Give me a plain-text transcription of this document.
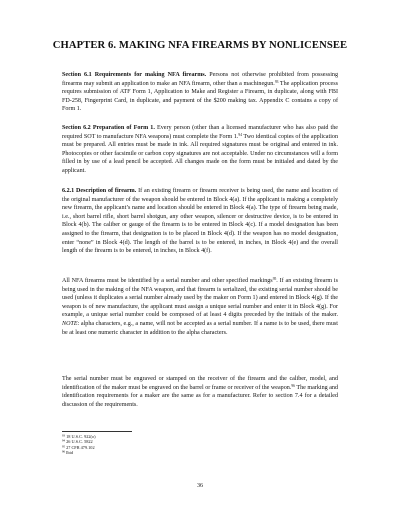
CHAPTER 6. MAKING NFA FIREARMS BY NONLICENSEE

Section 6.1 Requirements for making NFA firearms. Persons not otherwise prohibited from possessing firearms may submit an application to make an NFA firearm, other than a machinegun.$^{93}$ The application process requires submission of ATF Form 1, Application to Make and Register a Firearm, in duplicate, along with FBI FD-258, Fingerprint Card, in duplicate, and payment of the $200 making tax. Appendix C contains a copy of Form 1.

Section 6.2 Preparation of Form 1. Every person (other than a licensed manufacturer who has also paid the required SOT to manufacture NFA weapons) must complete the Form 1.94 Two identical copies of the application must be prepared. All entries must be made in ink. All required signatures must be original and entered in ink. Photocopies or other facsimile or carbon copy signatures are not acceptable. Under no circumstances will a form filled in by use of a lead pencil be accepted. All changes made on the form must be initialed and dated by the applicant.

6.2.1 Description of firearm. If an existing firearm or firearm receiver is being used, the name and location of the original manufacturer of the weapon should be entered in Block 4(a). If the applicant is making a completely new firearm, the applicant’s name and location should be entered in Block 4(a). The type of firearm being made, i.e., short barrel rifle, short barrel shotgun, any other weapon, silencer or destructive device, is to be entered in Block 4(b). The caliber or gauge of the firearm is to be entered in Block 4(c). If a model designation has been assigned to the firearm, that designation is to be placed in Block 4(d). If the weapon has no model designation, enter “none” in Block 4(d). The length of the barrel is to be entered, in inches, in Block 4(e) and the overall length of the firearm is to be entered, in inches, in Block 4(f).

All NFA firearms must be identified by a serial number and other specified markings$^{95}$. If an existing firearm is being used in the making of the NFA weapon, and that firearm is serialized, the existing serial number should be used (unless it duplicates a serial number already used by the maker on Form 1) and entered in Block 4(g). If the weapon is of new manufacture, the applicant must assign a unique serial number and enter it in Block 4(g). For example, a unique serial number could be composed of at least 4 digits preceded by the initials of the maker. NOTE: alpha characters, e.g., a name, will not be accepted as a serial number. If a name is to be used, there must be at least one numeric character in addition to the alpha characters.

The serial number must be engraved or stamped on the receiver of the firearm and the caliber, model, and identification of the maker must be engraved on the barrel or frame or receiver of the weapon.$^{96}$ The marking and identification requirements for a maker are the same as for a manufacturer. Refer to section 7.4 for a detailed discussion of the requirements.

$^{93}$ 18 U.S.C. 922(o)
$^{94}$ 26 U.S.C. 5822
$^{95}$ 27 CFR 479.102
$^{96}$ Ibid
36
